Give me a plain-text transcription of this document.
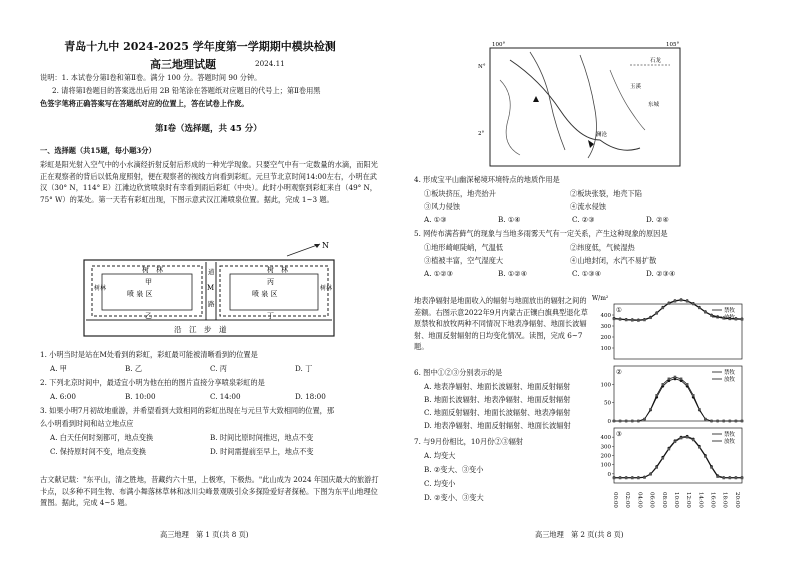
青岛十九中 2024-2025 学年度第一学期期中模块检测
高三地理试题	2024.11
说明：1. 本试卷分第Ⅰ卷和第Ⅱ卷。满分 100 分。答题时间 90 分钟。
2. 请将第Ⅰ卷题目的答案选出后用 2B 铅笔涂在答题纸对应题目的代号上；第Ⅱ卷用黑
色签字笔将正确答案写在答题纸对应的位置上，答在试卷上作废。
第Ⅰ卷（选择题，共 45 分）
一、选择题（共15题，每小题3分）
彩虹是阳光射入空气中的小水滴经折射反射后形成的一种光学现象。只要空气中有一定数量的水滴，而阳光正在观察者的背后以低角度照射，便在观察者的视线方向看到彩虹。元旦节北京时间14:00左右，小明在武汉（30° N，114° E）江滩边欣赏喷泉时有幸看到雨后彩虹（中央）。此时小明观察到彩虹来自（49° N，75° W）的某处。第一天若有彩虹出现，下图示意武汉江滩喷泉位置。据此，完成 1~3 题。
N
树　林	树　林
树林	树林
甲
喷 泉 区
乙
丙
喷 泉 区
丁
道
M
路
沿　江　步　道
1. 小明当时是站在M处看到的彩虹，彩虹最可能被清晰看到的位置是
A. 甲	B. 乙	C. 丙	D. 丁
2. 下列北京时间中，最适宜小明为他在拍的图片直接分享喷泉彩虹的是
A. 6:00	B. 10:00	C. 14:00	D. 18:00
3. 如果小明7月初故地重游，并希望看到大致相同的彩虹出现在与元旦节大致相同的位置，那
么小明看到时间和站立地点应
A. 白天任何时刻都可，地点变换	B. 时间比原时间推迟，地点不变
C. 保持原时间不变，地点变换	D. 时间需提前至早上，地点不变
古文献记载："东平山，清之胜地，昔藏约六十里，上极寒，下极热。"此山成为 2024 年国庆最大的旅游打卡点，以多种不同生物、布满小舞落林草林和冰川尖峰景观吸引众多探险爱好者探秘。下图为东平山地理位置图。据此，完成 4~5 题。
高三地理　第 1 页(共 8 页)
100°	105°
N°
2°
石龙
玉溪
东城
澜沧
4. 形成宝平山幽深秘境环境特点的地质作用是
①板块挤压，地壳抬升	②板块张裂，地壳下陷
③风力侵蚀	④流水侵蚀
A. ①③	B. ①④	C. ②③	D. ②④
5. 网传布满苔藓气的现象与当地多雨雾天气有一定关系，产生这种现象的原因是
①地形崎岖陡峭，气温低	②纬度低，气候湿热
③植被丰富，空气湿度大	④山地封闭，水汽不易扩散
A. ①②③	B. ①②④	C. ①③④	D. ②③④
地表净辐射是地面收入的辐射与地面放出的辐射之间的差额。右图示意2022年9月内蒙古正镶白旗典型退化草原禁牧和放牧两种不同情况下地表净辐射、地面长波辐射、地面反射辐射的日均变化情况。读图，完成 6~7 题。
6. 图中①②③分别表示的是
A. 地表净辐射、地面长波辐射、地面反射辐射
B. 地面长波辐射、地表净辐射、地面反射辐射
C. 地面反射辐射、地面长波辐射、地表净辐射
D. 地表净辐射、地面反射辐射、地面长波辐射
7. 与9月份相比，10月份②③辐射
A. 均变大
B. ②变大、③变小
C. 均变小
D. ②变小、③变大
W/m²
①
100
200
300
400
禁牧
放牧
②
0
50
100
禁牧
放牧
③
0
100
200
300
400
禁牧
放牧
00:00 02:00 04:00 06:00 08:00 10:00 12:00 14:00 16:00 18:00 20:00
高三地理　第 2 页(共 8 页)
